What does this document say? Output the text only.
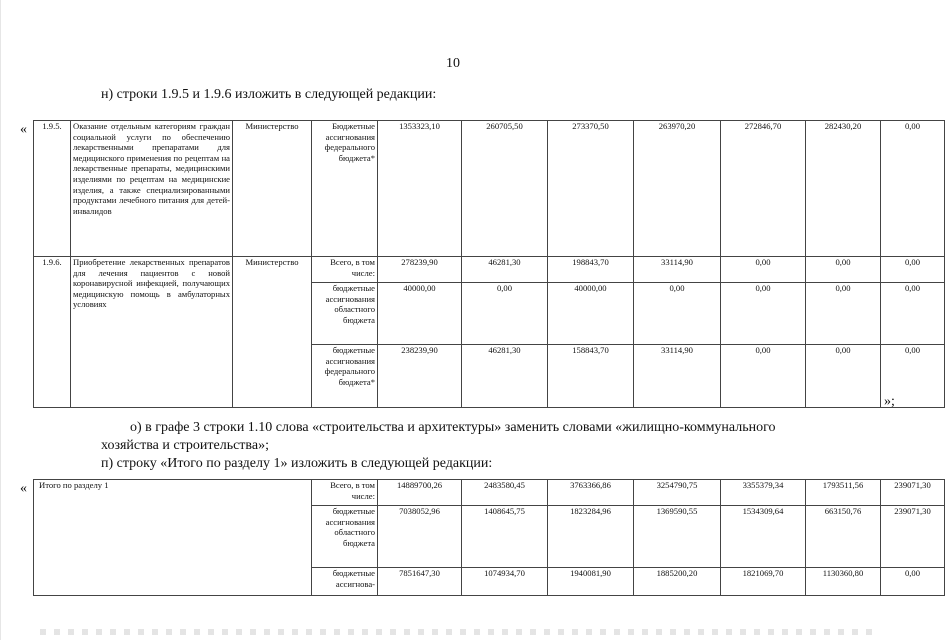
10
н) строки 1.9.5 и 1.9.6 изложить в следующей редакции:
« 1.9.5.	Оказание отдельным категориям граждан социальной услуги по обеспечению лекарственными препаратами для медицинского применения по рецептам на лекарственные препараты, медицинскими изделиями по рецептам на медицинские изделия, а также специализированными продуктами лечебного питания для детей-инвалидов	Министерство	Бюджетные ассигнования федерального бюджета*	1353323,10	260705,50	273370,50	263970,20	272846,70	282430,20	0,00
1.9.6.	Приобретение лекарственных препаратов для лечения пациентов с новой коронавирусной инфекцией, получающих медицинскую помощь в амбулаторных условиях	Министерство	Всего, в том числе:	278239,90	46281,30	198843,70	33114,90	0,00	0,00	0,00
			бюджетные ассигнования областного бюджета	40000,00	0,00	40000,00	0,00	0,00	0,00	0,00
			бюджетные ассигнования федерального бюджета*	238239,90	46281,30	158843,70	33114,90	0,00	0,00	0,00
»;
о) в графе 3 строки 1.10 слова «строительства и архитектуры» заменить словами «жилищно-коммунального
хозяйства и строительства»;
п) строку «Итого по разделу 1» изложить в следующей редакции:
« Итого по разделу 1	Всего, в том числе:	14889700,26	2483580,45	3763366,86	3254790,75	3355379,34	1793511,56	239071,30
	бюджетные ассигнования областного бюджета	7038052,96	1408645,75	1823284,96	1369590,55	1534309,64	663150,76	239071,30
	бюджетные ассигнова-	7851647,30	1074934,70	1940081,90	1885200,20	1821069,70	1130360,80	0,00
